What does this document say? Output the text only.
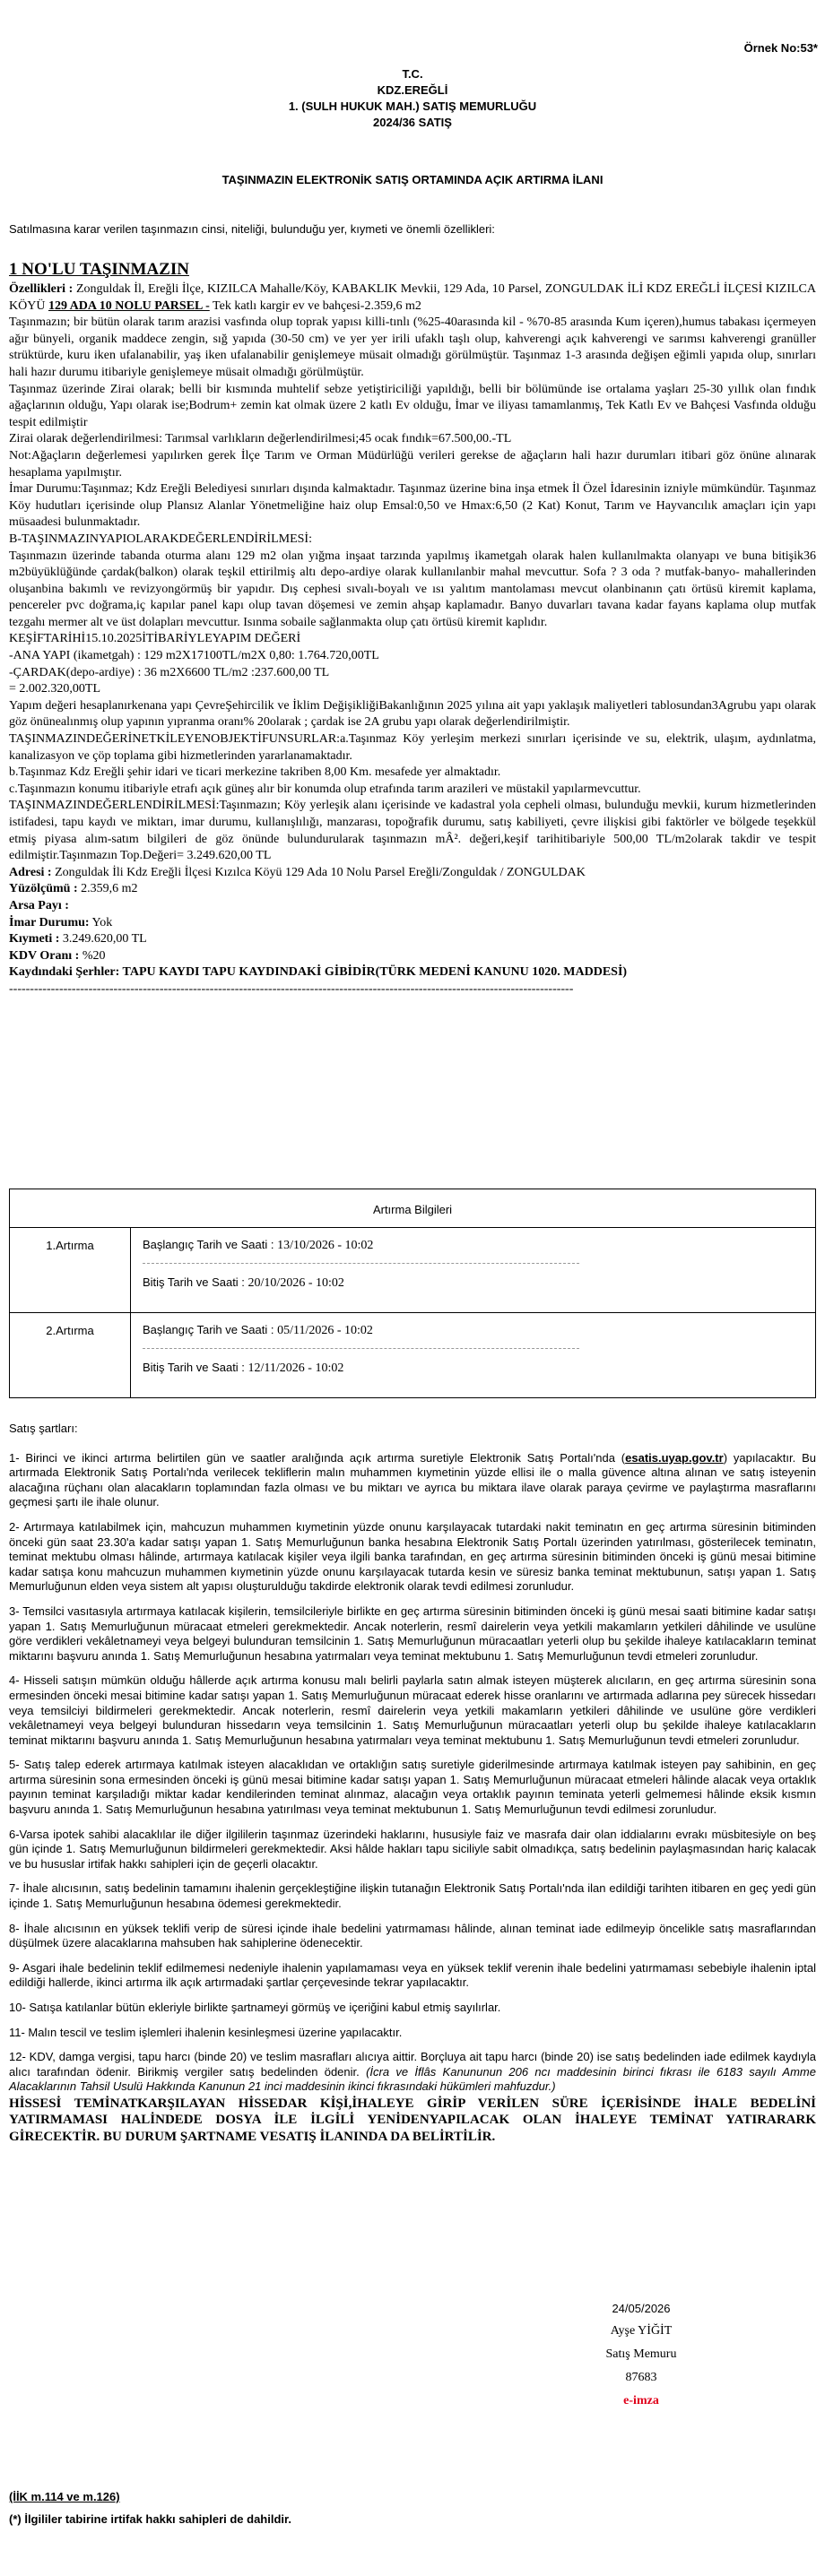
Örnek No:53*
T.C.
KDZ.EREĞLİ
1. (SULH HUKUK MAH.) SATIŞ MEMURLUĞU
2024/36 SATIŞ
TAŞINMAZIN ELEKTRONİK SATIŞ ORTAMINDA AÇIK ARTIRMA İLANI
Satılmasına karar verilen taşınmazın cinsi, niteliği, bulunduğu yer, kıymeti ve önemli özellikleri:

1 NO'LU TAŞINMAZIN

Özellikleri : Zonguldak İl, Ereğli İlçe, KIZILCA Mahalle/Köy, KABAKLIK Mevkii, 129 Ada, 10 Parsel, ZONGULDAK İLİ KDZ EREĞLİ İLÇESİ KIZILCA KÖYÜ 129 ADA 10 NOLU PARSEL - Tek katlı kargir ev ve bahçesi-2.359,6 m2

Taşınmazın; bir bütün olarak tarım arazisi vasfında olup toprak yapısı killi-tınlı (%25-40arasında kil - %70-85 arasında Kum içeren),humus tabakası içermeyen ağır bünyeli, organik maddece zengin, sığ yapıda (30-50 cm) ve yer yer irili ufaklı taşlı olup, kahverengi açık kahverengi ve sarımsı kahverengi granüller strüktürde, kuru iken ufalanabilir, yaş iken ufalanabilir genişlemeye müsait olmadığı görülmüştür. Taşınmaz 1-3 arasında değişen eğimli yapıda olup, sınırları hali hazır durumu itibariyle genişlemeye müsait olmadığı görülmüştür.

Taşınmaz üzerinde Zirai olarak; belli bir kısmında muhtelif sebze yetiştiriciliği yapıldığı, belli bir bölümünde ise ortalama yaşları 25-30 yıllık olan fındık ağaçlarının olduğu, Yapı olarak ise;Bodrum+ zemin kat olmak üzere 2 katlı Ev olduğu, İmar ve iliyası tamamlanmış, Tek Katlı Ev ve Bahçesi Vasfında olduğu tespit edilmiştir

Zirai olarak değerlendirilmesi: Tarımsal varlıkların değerlendirilmesi;45 ocak fındık=67.500,00.-TL

Not:Ağaçların değerlemesi yapılırken gerek İlçe Tarım ve Orman Müdürlüğü verileri gerekse de ağaçların hali hazır durumları itibari göz önüne alınarak hesaplama yapılmıştır.

İmar Durumu:Taşınmaz; Kdz Ereğli Belediyesi sınırları dışında kalmaktadır. Taşınmaz üzerine bina inşa etmek İl Özel İdaresinin izniyle mümkündür. Taşınmaz Köy hudutları içerisinde olup Plansız Alanlar Yönetmeliğine haiz olup Emsal:0,50 ve Hmax:6,50 (2 Kat) Konut, Tarım ve Hayvancılık amaçları için yapı müsaadesi bulunmaktadır.

B-TAŞINMAZINYAPIOLARAKDEĞERLENDİRİLMESİ:

Taşınmazın üzerinde tabanda oturma alanı 129 m2 olan yığma inşaat tarzında yapılmış ikametgah olarak halen kullanılmakta olanyapı ve buna bitişik36 m2büyüklüğünde çardak(balkon) olarak teşkil ettirilmiş altı depo-ardiye olarak kullanılanbir mahal mevcuttur. Sofa ? 3 oda ? mutfak-banyo- mahallerinden oluşanbina bakımlı ve revizyongörmüş bir yapıdır. Dış cephesi sıvalı-boyalı ve ısı yalıtım mantolaması mevcut olanbinanın çatı örtüsü kiremit kaplama, pencereler pvc doğrama,iç kapılar panel kapı olup tavan döşemesi ve zemin ahşap kaplamadır. Banyo duvarları tavana kadar fayans kaplama olup mutfak tezgahı mermer alt ve üst dolapları mevcuttur. Isınma sobaile sağlanmakta olup çatı örtüsü kiremit kaplıdır.

KEŞİFTARİHİ15.10.2025İTİBARİYLEYAPIM DEĞERİ

-ANA YAPI (ikametgah) : 129 m2X17100TL/m2X 0,80: 1.764.720,00TL

-ÇARDAK(depo-ardiye) : 36 m2X6600 TL/m2 :237.600,00 TL

= 2.002.320,00TL

Yapım değeri hesaplanırkenana yapı ÇevreŞehircilik ve İklim DeğişikliğiBakanlığının 2025 yılına ait yapı yaklaşık maliyetleri tablosundan3Agrubu yapı olarak göz önünealınmış olup yapının yıpranma oranı% 20olarak ; çardak ise 2A grubu yapı olarak değerlendirilmiştir.

TAŞINMAZINDEĞERİNETKİLEYENOBJEKTİFUNSURLAR:a.Taşınmaz Köy yerleşim merkezi sınırları içerisinde ve su, elektrik, ulaşım, aydınlatma, kanalizasyon ve çöp toplama gibi hizmetlerinden yararlanamaktadır.

b.Taşınmaz Kdz Ereğli şehir idari ve ticari merkezine takriben 8,00 Km. mesafede yer almaktadır.

c.Taşınmazın konumu itibariyle etrafı açık güneş alır bir konumda olup etrafında tarım arazileri ve müstakil yapılarmevcuttur.

TAŞINMAZINDEĞERLENDİRİLMESİ:Taşınmazın; Köy yerleşik alanı içerisinde ve kadastral yola cepheli olması, bulunduğu mevkii, kurum hizmetlerinden istifadesi, tapu kaydı ve miktarı, imar durumu, kullanışlılığı, manzarası, topoğrafik durumu, satış kabiliyeti, çevre ilişkisi gibi faktörler ve bölgede teşekkül etmiş piyasa alım-satım bilgileri de göz önünde bulundurularak taşınmazın mÂ². değeri,keşif tarihitibariyle 500,00 TL/m2olarak takdir ve tespit edilmiştir.Taşınmazın Top.Değeri= 3.249.620,00 TL

Adresi : Zonguldak İli Kdz Ereğli İlçesi Kızılca Köyü 129 Ada 10 Nolu Parsel Ereğli/Zonguldak / ZONGULDAK

Yüzölçümü : 2.359,6 m2

Arsa Payı :

İmar Durumu: Yok

Kıymeti : 3.249.620,00 TL

KDV Oranı : %20

Kaydındaki Şerhler: TAPU KAYDI TAPU KAYDINDAKİ GİBİDİR(TÜRK MEDENİ KANUNU 1020. MADDESİ)

---------------------------------------------------------------------------------------------------------------------------------------

Artırma Bilgileri	
1.Artırma	Başlangıç Tarih ve Saati : 13/10/2026 - 10:02
Bitiş Tarih ve Saati : 20/10/2026 - 10:02

2.Artırma	Başlangıç Tarih ve Saati : 05/11/2026 - 10:02
Bitiş Tarih ve Saati : 12/11/2026 - 10:02

Satış şartları:

1- Birinci ve ikinci artırma belirtilen gün ve saatler aralığında açık artırma suretiyle Elektronik Satış Portalı'nda (esatis.uyap.gov.tr) yapılacaktır. Bu artırmada Elektronik Satış Portalı'nda verilecek tekliflerin malın muhammen kıymetinin yüzde ellisi ile o malla güvence altına alınan ve satış isteyenin alacağına rüçhanı olan alacakların toplamından fazla olması ve bu miktarı ve ayrıca bu miktara ilave olarak paraya çevirme ve paylaştırma masraflarını geçmesi şartı ile ihale olunur.

2- Artırmaya katılabilmek için, mahcuzun muhammen kıymetinin yüzde onunu karşılayacak tutardaki nakit teminatın en geç artırma süresinin bitiminden önceki gün saat 23.30'a kadar satışı yapan 1. Satış Memurluğunun banka hesabına Elektronik Satış Portalı üzerinden yatırılması, gösterilecek teminatın, teminat mektubu olması hâlinde, artırmaya katılacak kişiler veya ilgili banka tarafından, en geç artırma süresinin bitiminden önceki iş günü mesai bitimine kadar satışa konu mahcuzun muhammen kıymetinin yüzde onunu karşılayacak tutarda kesin ve süresiz banka teminat mektubunun, satışı yapan 1. Satış Memurluğunun elden veya sistem alt yapısı oluşturulduğu takdirde elektronik olarak tevdi edilmesi zorunludur.

3- Temsilci vasıtasıyla artırmaya katılacak kişilerin, temsilcileriyle birlikte en geç artırma süresinin bitiminden önceki iş günü mesai saati bitimine kadar satışı yapan 1. Satış Memurluğunun müracaat etmeleri gerekmektedir. Ancak noterlerin, resmî dairelerin veya yetkili makamların yetkileri dâhilinde ve usulüne göre verdikleri vekâletnameyi veya belgeyi bulunduran temsilcinin 1. Satış Memurluğunun müracaatları yeterli olup bu şekilde ihaleye katılacakların teminat miktarını başvuru anında 1. Satış Memurluğunun hesabına yatırmaları veya teminat mektubunu 1. Satış Memurluğunun tevdi etmeleri zorunludur.

4- Hisseli satışın mümkün olduğu hâllerde açık artırma konusu malı belirli paylarla satın almak isteyen müşterek alıcıların, en geç artırma süresinin sona ermesinden önceki mesai bitimine kadar satışı yapan 1. Satış Memurluğunun müracaat ederek hisse oranlarını ve artırmada adlarına pey sürecek hissedarı veya temsilciyi bildirmeleri gerekmektedir. Ancak noterlerin, resmî dairelerin veya yetkili makamların yetkileri dâhilinde ve usulüne göre verdikleri vekâletnameyi veya belgeyi bulunduran hissedarın veya temsilcinin 1. Satış Memurluğunun müracaatları yeterli olup bu şekilde ihaleye katılacakların teminat miktarını başvuru anında 1. Satış Memurluğunun hesabına yatırmaları veya teminat mektubunu 1. Satış Memurluğunun tevdi etmeleri zorunludur.

5- Satış talep ederek artırmaya katılmak isteyen alacaklıdan ve ortaklığın satış suretiyle giderilmesinde artırmaya katılmak isteyen pay sahibinin, en geç artırma süresinin sona ermesinden önceki iş günü mesai bitimine kadar satışı yapan 1. Satış Memurluğunun müracaat etmeleri hâlinde alacak veya ortaklık payının teminat karşıladığı miktar kadar kendilerinden teminat alınmaz, alacağın veya ortaklık payının teminata yeterli gelmemesi hâlinde eksik kısmın başvuru anında 1. Satış Memurluğunun hesabına yatırılması veya teminat mektubunun 1. Satış Memurluğunun tevdi edilmesi zorunludur.

6-Varsa ipotek sahibi alacaklılar ile diğer ilgililerin taşınmaz üzerindeki haklarını, hususiyle faiz ve masrafa dair olan iddialarını evrakı müsbitesiyle on beş gün içinde 1. Satış Memurluğunun bildirmeleri gerekmektedir. Aksi hâlde hakları tapu siciliyle sabit olmadıkça, satış bedelinin paylaşmasından hariç kalacak ve bu hususlar irtifak hakkı sahipleri için de geçerli olacaktır.

7- İhale alıcısının, satış bedelinin tamamını ihalenin gerçekleştiğine ilişkin tutanağın Elektronik Satış Portalı'nda ilan edildiği tarihten itibaren en geç yedi gün içinde 1. Satış Memurluğunun hesabına ödemesi gerekmektedir.

8- İhale alıcısının en yüksek teklifi verip de süresi içinde ihale bedelini yatırmaması hâlinde, alınan teminat iade edilmeyip öncelikle satış masraflarından düşülmek üzere alacaklarına mahsuben hak sahiplerine ödenecektir.

9- Asgari ihale bedelinin teklif edilmemesi nedeniyle ihalenin yapılamaması veya en yüksek teklif verenin ihale bedelini yatırmaması sebebiyle ihalenin iptal edildiği hallerde, ikinci artırma ilk açık artırmadaki şartlar çerçevesinde tekrar yapılacaktır.

10- Satışa katılanlar bütün ekleriyle birlikte şartnameyi görmüş ve içeriğini kabul etmiş sayılırlar.

11- Malın tescil ve teslim işlemleri ihalenin kesinleşmesi üzerine yapılacaktır.

12- KDV, damga vergisi, tapu harcı (binde 20) ve teslim masrafları alıcıya aittir. Borçluya ait tapu harcı (binde 20) ise satış bedelinden iade edilmek kaydıyla alıcı tarafından ödenir. Birikmiş vergiler satış bedelinden ödenir. (İcra ve İflâs Kanununun 206 ncı maddesinin birinci fıkrası ile 6183 sayılı Amme Alacaklarının Tahsil Usulü Hakkında Kanunun 21 inci maddesinin ikinci fıkrasındaki hükümleri mahfuzdur.)

HİSSESİ TEMİNATKARŞILAYAN HİSSEDAR KİŞİ,İHALEYE GİRİP VERİLEN SÜRE İÇERİSİNDE İHALE BEDELİNİ YATIRMAMASI HALİNDEDE DOSYA İLE İLGİLİ YENİDENYAPILACAK OLAN İHALEYE TEMİNAT YATIRARARK GİRECEKTİR. BU DURUM ŞARTNAME VESATIŞ İLANINDA DA BELİRTİLİR.

24/05/2026
Ayşe YİĞİT
Satış Memuru
87683
e-imza
(İİK m.114 ve m.126)
(*) İlgililer tabirine irtifak hakkı sahipleri de dahildir.
